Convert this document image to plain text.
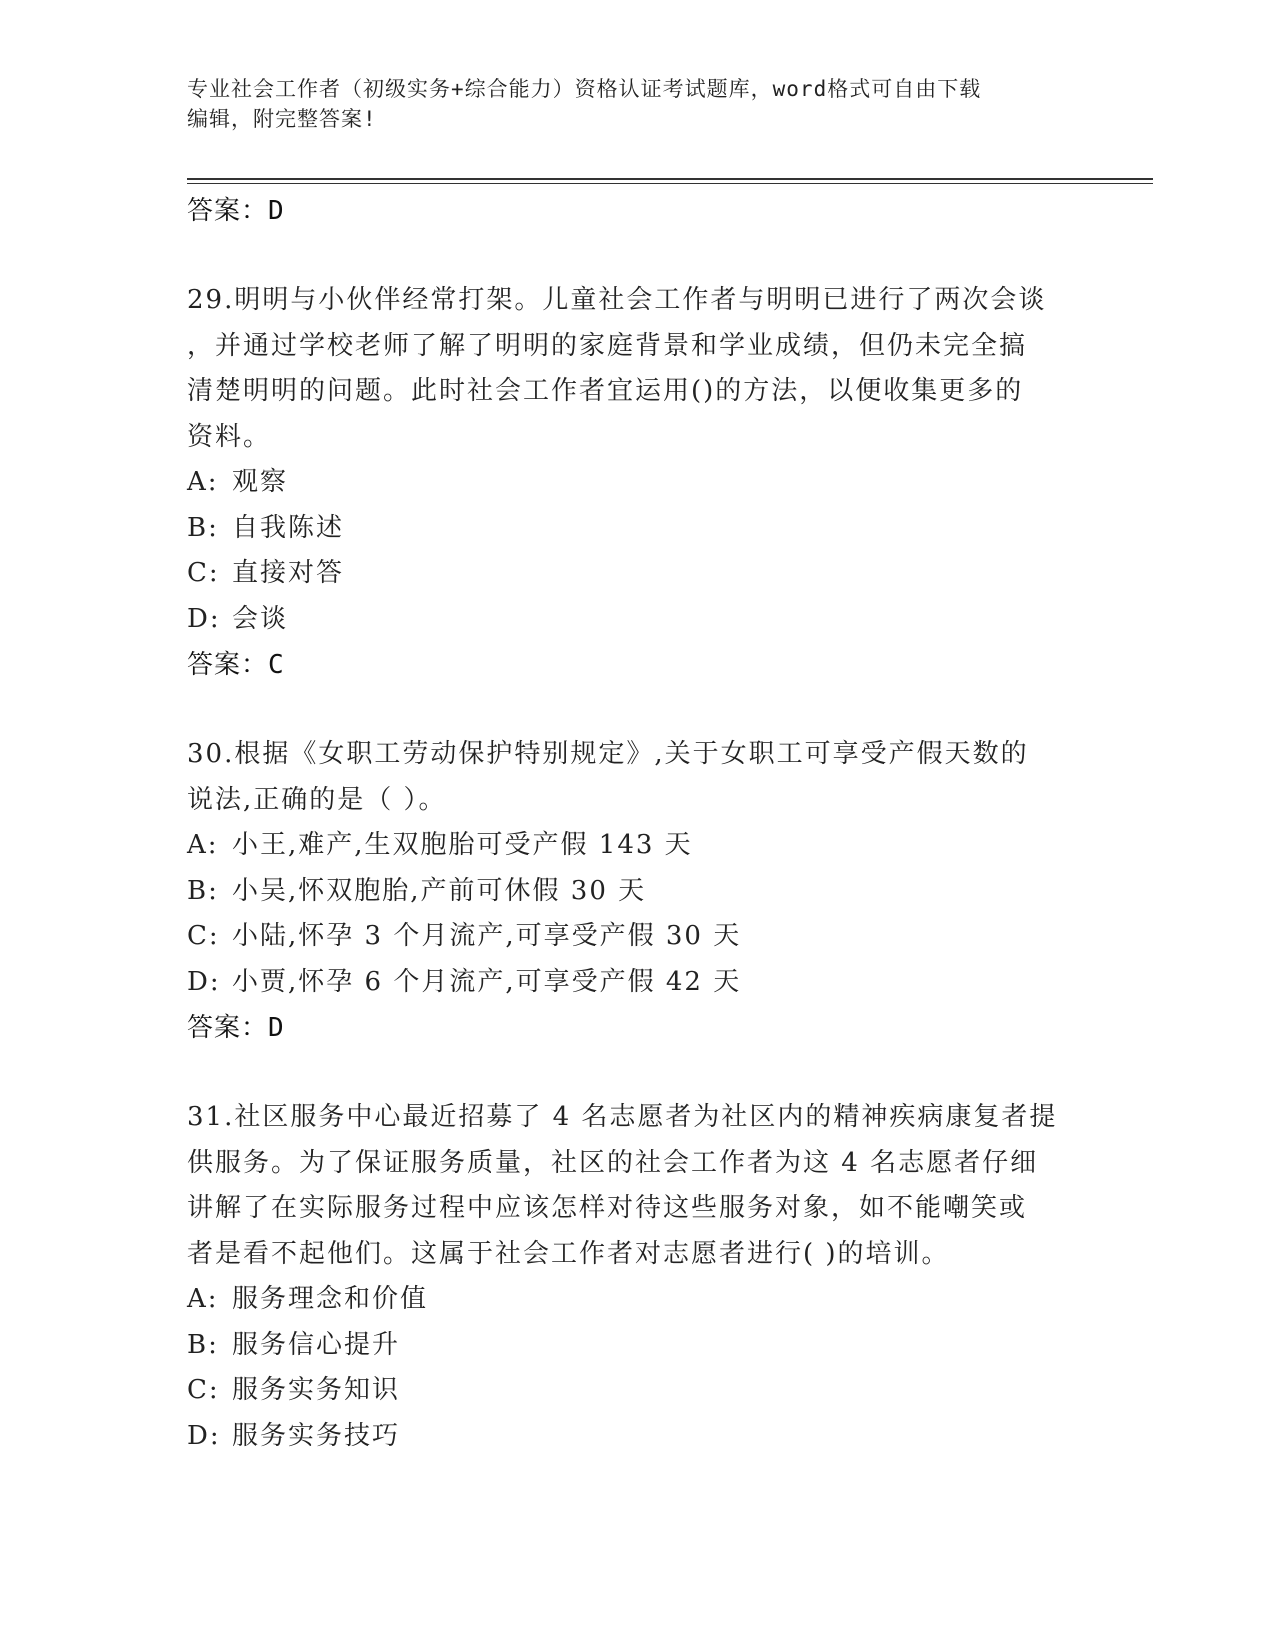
专业社会工作者（初级实务+综合能力）资格认证考试题库，word格式可自由下载
编辑，附完整答案!
答案：D
29.明明与小伙伴经常打架。儿童社会工作者与明明已进行了两次会谈
，并通过学校老师了解了明明的家庭背景和学业成绩，但仍未完全搞
清楚明明的问题。此时社会工作者宜运用()的方法，以便收集更多的
资料。
A: 观察
B: 自我陈述
C: 直接对答
D: 会谈
答案：C
30.根据《女职工劳动保护特别规定》,关于女职工可享受产假天数的
说法,正确的是（ ）。
A: 小王,难产,生双胞胎可受产假 143 天
B: 小吴,怀双胞胎,产前可休假 30 天
C: 小陆,怀孕 3 个月流产,可享受产假 30 天
D: 小贾,怀孕 6 个月流产,可享受产假 42 天
答案：D
31.社区服务中心最近招募了 4 名志愿者为社区内的精神疾病康复者提
供服务。为了保证服务质量，社区的社会工作者为这 4 名志愿者仔细
讲解了在实际服务过程中应该怎样对待这些服务对象，如不能嘲笑或
者是看不起他们。这属于社会工作者对志愿者进行( )的培训。
A: 服务理念和价值
B: 服务信心提升
C: 服务实务知识
D: 服务实务技巧
